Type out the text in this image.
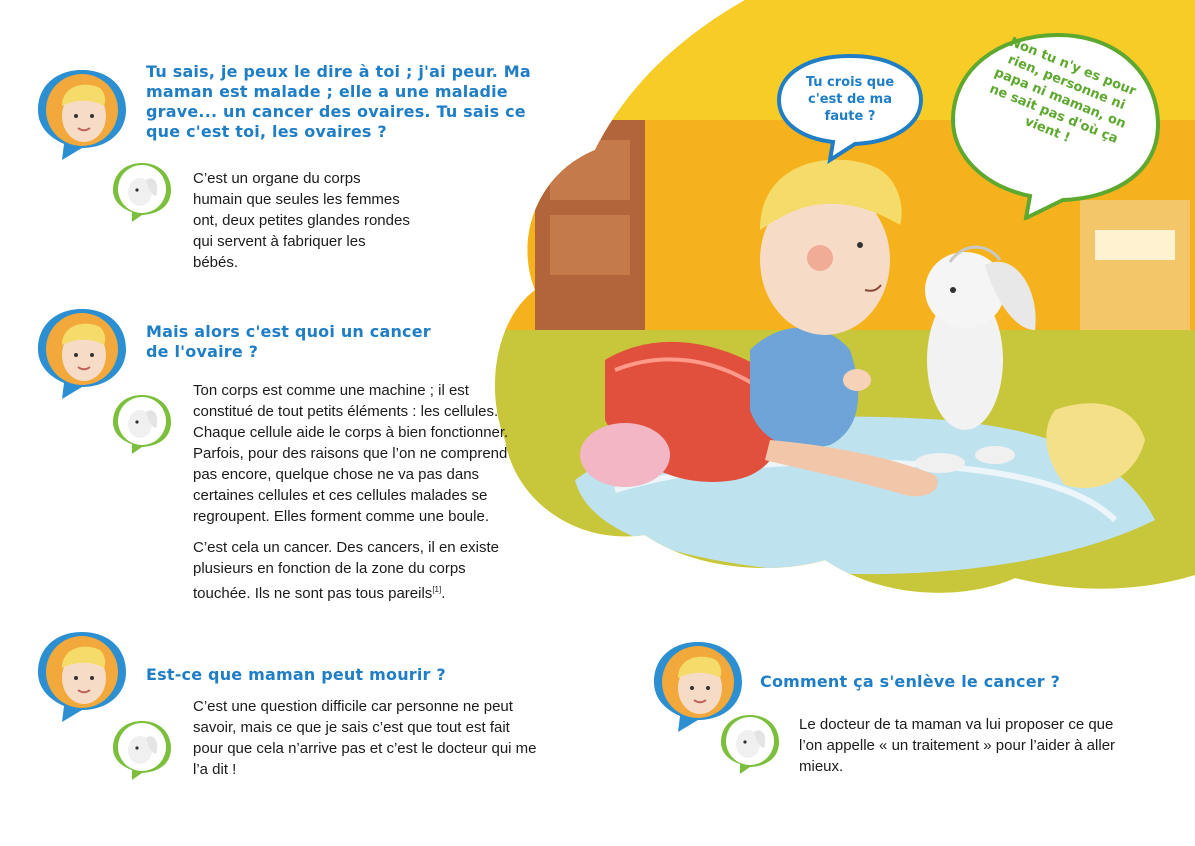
Tu crois que c'est de ma faute ?
Non tu n'y es pour rien, personne ni papa ni maman, on ne sait pas d'où ça vient !
Tu sais, je peux le dire à toi ; j'ai peur. Ma maman est malade ; elle a une maladie grave... un cancer des ovaires. Tu sais ce que c'est toi, les ovaires ?

C’est un organe du corps humain que seules les femmes ont, deux petites glandes rondes qui servent à fabriquer les bébés.

Mais alors c'est quoi un cancer de l'ovaire ?

Ton corps est comme une machine ; il est constitué de tout petits éléments : les cellules. Chaque cellule aide le corps à bien fonctionner. Parfois, pour des raisons que l’on ne comprend pas encore, quelque chose ne va pas dans certaines cellules et ces cellules malades se regroupent. Elles forment comme une boule.

C’est cela un cancer. Des cancers, il en existe plusieurs en fonction de la zone du corps touchée. Ils ne sont pas tous pareils[1].

Est-ce que maman peut mourir ?

C’est une question difficile car personne ne peut savoir, mais ce que je sais c’est que tout est fait pour que cela n’arrive pas et c’est le docteur qui me l’a dit !

Comment ça s'enlève le cancer ?

Le docteur de ta maman va lui proposer ce que l’on appelle « un traitement » pour l’aider à aller mieux.
